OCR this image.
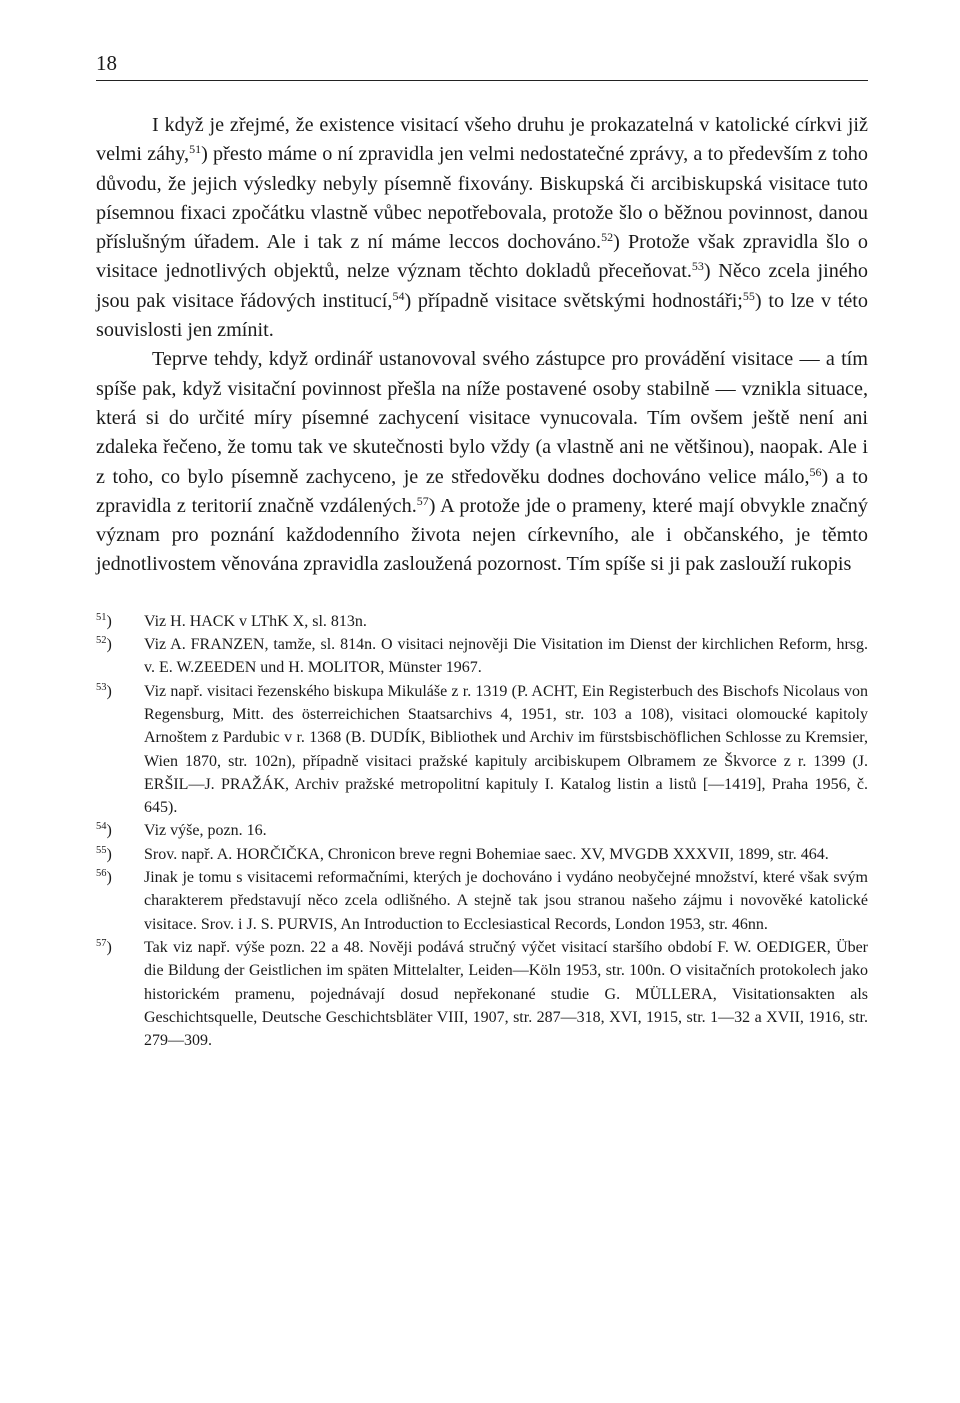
18

I když je zřejmé, že existence visitací všeho druhu je prokazatelná v katolické církvi již velmi záhy,$^{51}$) přesto máme o ní zpravidla jen velmi nedostatečné zprávy, a to především z toho důvodu, že jejich výsledky nebyly písemně fixovány. Biskupská či arcibiskupská visitace tuto písemnou fixaci zpočátku vlastně vůbec nepotřebovala, protože šlo o běžnou povinnost, danou příslušným úřadem. Ale i tak z ní máme leccos dochováno.$^{52}$) Protože však zpravidla šlo o visitace jednotlivých objektů, nelze význam těchto dokladů přeceňovat.$^{53}$) Něco zcela jiného jsou pak visitace řádových institucí,$^{54}$) případně visitace světskými hodnostáři;$^{55}$) to lze v této souvislosti jen zmínit.

Teprve tehdy, když ordinář ustanovoval svého zástupce pro provádění visitace — a tím spíše pak, když visitační povinnost přešla na níže postavené osoby stabilně — vznikla situace, která si do určité míry písemné zachycení visitace vynucovala. Tím ovšem ještě není ani zdaleka řečeno, že tomu tak ve skutečnosti bylo vždy (a vlastně ani ne většinou), naopak. Ale i z toho, co bylo písemně zachyceno, je ze středověku dodnes dochováno velice málo,$^{56}$) a to zpravidla z teritorií značně vzdálených.$^{57}$) A protože jde o prameny, které mají obvykle značný význam pro poznání každodenního života nejen církevního, ale i občanského, je těmto jednotlivostem věnována zpravidla zasloužená pozornost. Tím spíše si ji pak zaslouží rukopis

$^{51}$) Viz H. HACK v LThK X, sl. 813n.
$^{52}$) Viz A. FRANZEN, tamže, sl. 814n. O visitaci nejnověji Die Visitation im Dienst der kirchlichen Reform, hrsg. v. E. W.ZEEDEN und H. MOLITOR, Münster 1967.
$^{53}$) Viz např. visitaci řezenského biskupa Mikuláše z r. 1319 (P. ACHT, Ein Registerbuch des Bischofs Nicolaus von Regensburg, Mitt. des österreichichen Staatsarchivs 4, 1951, str. 103 a 108), visitaci olomoucké kapitoly Arnoštem z Pardubic v r. 1368 (B. DUDÍK, Bibliothek und Archiv im fürstsbischöflichen Schlosse zu Kremsier, Wien 1870, str. 102n), případně visitaci pražské kapituly arcibiskupem Olbramem ze Škvorce z r. 1399 (J. ERŠIL—J. PRAŽÁK, Archiv pražské metropolitní kapituly I. Katalog listin a listů [—1419], Praha 1956, č. 645).
$^{54}$) Viz výše, pozn. 16.
$^{55}$) Srov. např. A. HORČIČKA, Chronicon breve regni Bohemiae saec. XV, MVGDB XXXVII, 1899, str. 464.
$^{56}$) Jinak je tomu s visitacemi reformačními, kterých je dochováno i vydáno neobyčejné množství, které však svým charakterem představují něco zcela odlišného. A stejně tak jsou stranou našeho zájmu i novověké katolické visitace. Srov. i J. S. PURVIS, An Introduction to Ecclesiastical Records, London 1953, str. 46nn.
$^{57}$) Tak viz např. výše pozn. 22 a 48. Nověji podává stručný výčet visitací staršího období F. W. OEDIGER, Über die Bildung der Geistlichen im späten Mittelalter, Leiden—Köln 1953, str. 100n. O visitačních protokolech jako historickém pramenu, pojednávají dosud nepřekonané studie G. MÜLLERA, Visitationsakten als Geschichtsquelle, Deutsche Geschichtsbläter VIII, 1907, str. 287—318, XVI, 1915, str. 1—32 a XVII, 1916, str. 279—309.
